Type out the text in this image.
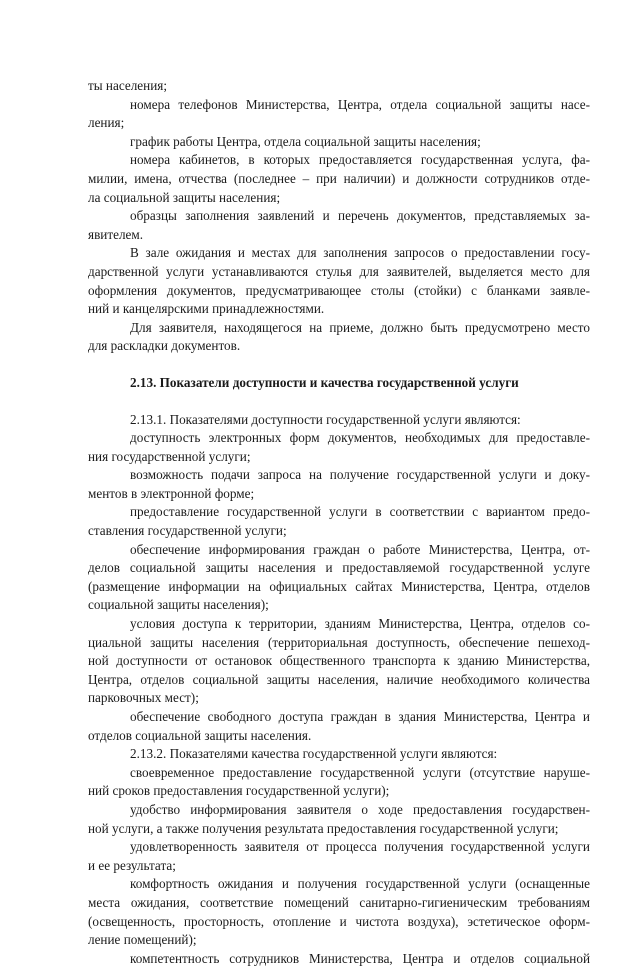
ты населения;
номера телефонов Министерства, Центра, отдела социальной защиты насе-
ления;
график работы Центра, отдела социальной защиты населения;
номера кабинетов, в которых предоставляется государственная услуга, фа-
милии, имена, отчества (последнее – при наличии) и должности сотрудников отде-
ла социальной защиты населения;
образцы заполнения заявлений и перечень документов, представляемых за-
явителем.
В зале ожидания и местах для заполнения запросов о предоставлении госу-
дарственной услуги устанавливаются стулья для заявителей, выделяется место для
оформления документов, предусматривающее столы (стойки) с бланками заявле-
ний и канцелярскими принадлежностями.
Для заявителя, находящегося на приеме, должно быть предусмотрено место
для раскладки документов.
2.13. Показатели доступности и качества государственной услуги
2.13.1. Показателями доступности государственной услуги являются:
доступность электронных форм документов, необходимых для предоставле-
ния государственной услуги;
возможность подачи запроса на получение государственной услуги и доку-
ментов в электронной форме;
предоставление государственной услуги в соответствии с вариантом предо-
ставления государственной услуги;
обеспечение информирования граждан о работе Министерства, Центра, от-
делов социальной защиты населения и предоставляемой государственной услуге
(размещение информации на официальных сайтах Министерства, Центра, отделов
социальной защиты населения);
условия доступа к территории, зданиям Министерства, Центра, отделов со-
циальной защиты населения (территориальная доступность, обеспечение пешеход-
ной доступности от остановок общественного транспорта к зданию Министерства,
Центра, отделов социальной защиты населения, наличие необходимого количества
парковочных мест);
обеспечение свободного доступа граждан в здания Министерства, Центра и
отделов социальной защиты населения.
2.13.2. Показателями качества государственной услуги являются:
своевременное предоставление государственной услуги (отсутствие наруше-
ний сроков предоставления государственной услуги);
удобство информирования заявителя о ходе предоставления государствен-
ной услуги, а также получения результата предоставления государственной услуги;
удовлетворенность заявителя от процесса получения государственной услуги
и ее результата;
комфортность ожидания и получения государственной услуги (оснащенные
места ожидания, соответствие помещений санитарно-гигиеническим требованиям
(освещенность, просторность, отопление и чистота воздуха), эстетическое оформ-
ление помещений);
компетентность сотрудников Министерства, Центра и отделов социальной
